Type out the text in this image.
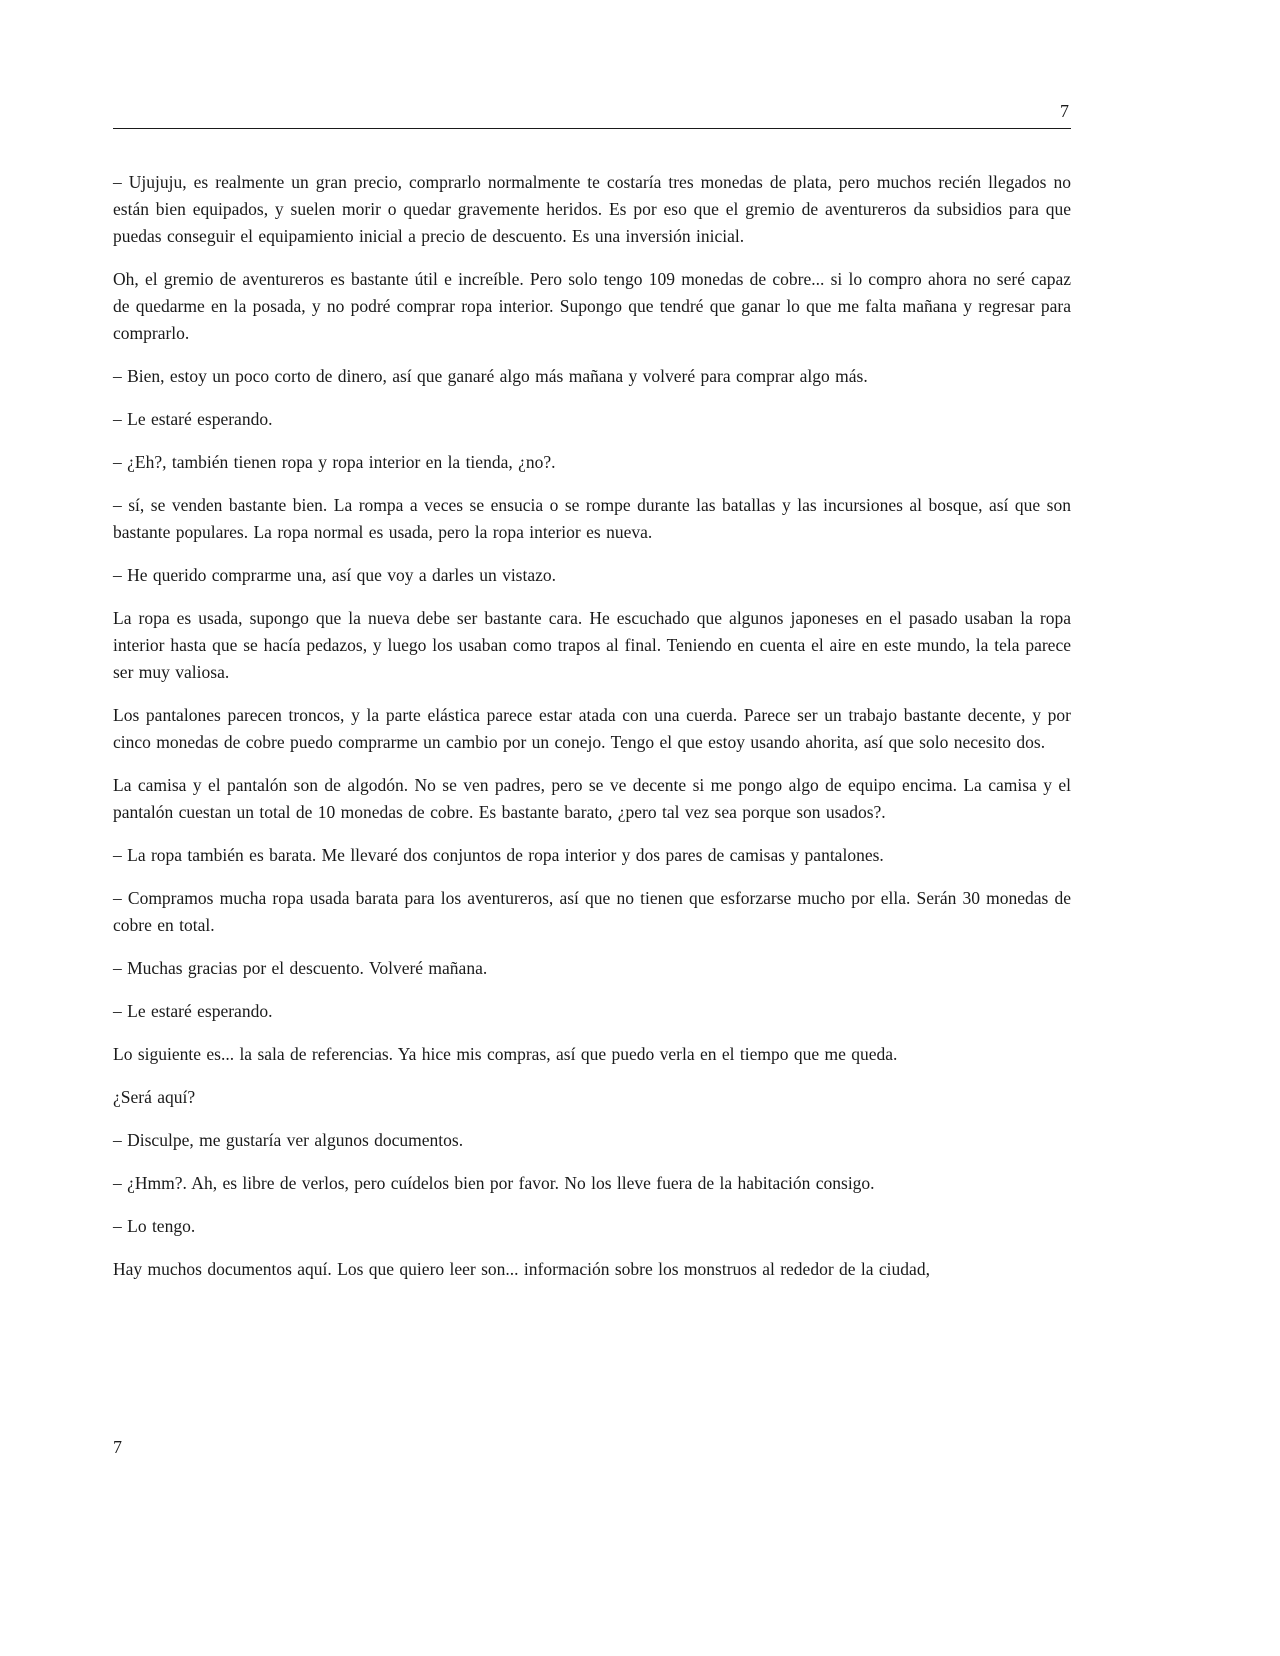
7

– Ujujuju, es realmente un gran precio, comprarlo normalmente te costaría tres monedas de plata, pero muchos recién llegados no están bien equipados, y suelen morir o quedar gravemente heridos. Es por eso que el gremio de aventureros da subsidios para que puedas conseguir el equipamiento inicial a precio de descuento. Es una inversión inicial.

Oh, el gremio de aventureros es bastante útil e increíble. Pero solo tengo 109 monedas de cobre... si lo compro ahora no seré capaz de quedarme en la posada, y no podré comprar ropa interior. Supongo que tendré que ganar lo que me falta mañana y regresar para comprarlo.

– Bien, estoy un poco corto de dinero, así que ganaré algo más mañana y volveré para comprar algo más.

– Le estaré esperando.

– ¿Eh?, también tienen ropa y ropa interior en la tienda, ¿no?.

– sí, se venden bastante bien. La rompa a veces se ensucia o se rompe durante las batallas y las incursiones al bosque, así que son bastante populares. La ropa normal es usada, pero la ropa interior es nueva.

– He querido comprarme una, así que voy a darles un vistazo.

La ropa es usada, supongo que la nueva debe ser bastante cara. He escuchado que algunos japoneses en el pasado usaban la ropa interior hasta que se hacía pedazos, y luego los usaban como trapos al final. Teniendo en cuenta el aire en este mundo, la tela parece ser muy valiosa.

Los pantalones parecen troncos, y la parte elástica parece estar atada con una cuerda. Parece ser un trabajo bastante decente, y por cinco monedas de cobre puedo comprarme un cambio por un conejo. Tengo el que estoy usando ahorita, así que solo necesito dos.

La camisa y el pantalón son de algodón. No se ven padres, pero se ve decente si me pongo algo de equipo encima. La camisa y el pantalón cuestan un total de 10 monedas de cobre. Es bastante barato, ¿pero tal vez sea porque son usados?.

– La ropa también es barata. Me llevaré dos conjuntos de ropa interior y dos pares de camisas y pantalones.

– Compramos mucha ropa usada barata para los aventureros, así que no tienen que esforzarse mucho por ella. Serán 30 monedas de cobre en total.

– Muchas gracias por el descuento. Volveré mañana.

– Le estaré esperando.

Lo siguiente es... la sala de referencias. Ya hice mis compras, así que puedo verla en el tiempo que me queda.

¿Será aquí?

– Disculpe, me gustaría ver algunos documentos.

– ¿Hmm?. Ah, es libre de verlos, pero cuídelos bien por favor. No los lleve fuera de la habitación consigo.

– Lo tengo.

Hay muchos documentos aquí. Los que quiero leer son... información sobre los monstruos al rededor de la ciudad,

7
